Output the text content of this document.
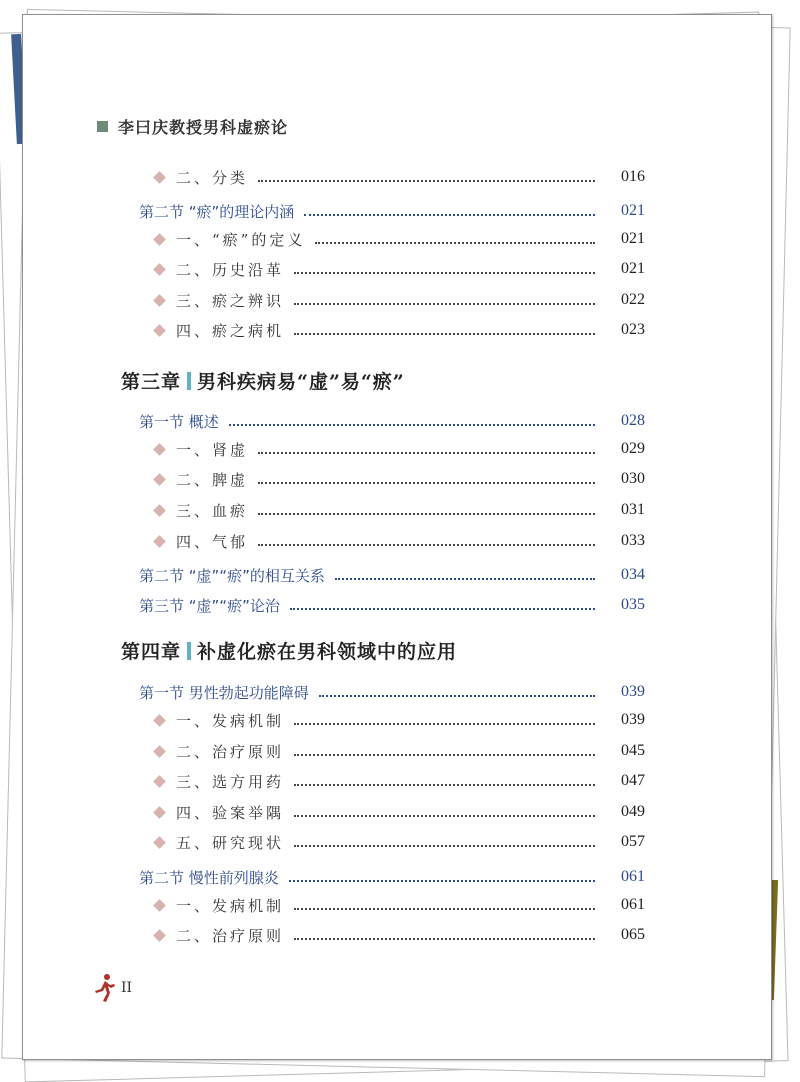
李曰庆教授男科虚瘀论
二、分类	016
第二节 “瘀”的理论内涵	021
一、“瘀”的定义	021
二、历史沿革	021
三、瘀之辨识	022
四、瘀之病机	023
第三章 男科疾病易“虚”易“瘀”
第一节 概述	028
一、肾虚	029
二、脾虚	030
三、血瘀	031
四、气郁	033
第二节 “虚”“瘀”的相互关系	034
第三节 “虚”“瘀”论治	035
第四章 补虚化瘀在男科领域中的应用
第一节 男性勃起功能障碍	039
一、发病机制	039
二、治疗原则	045
三、选方用药	047
四、验案举隅	049
五、研究现状	057
第二节 慢性前列腺炎	061
一、发病机制	061
二、治疗原则	065
II
